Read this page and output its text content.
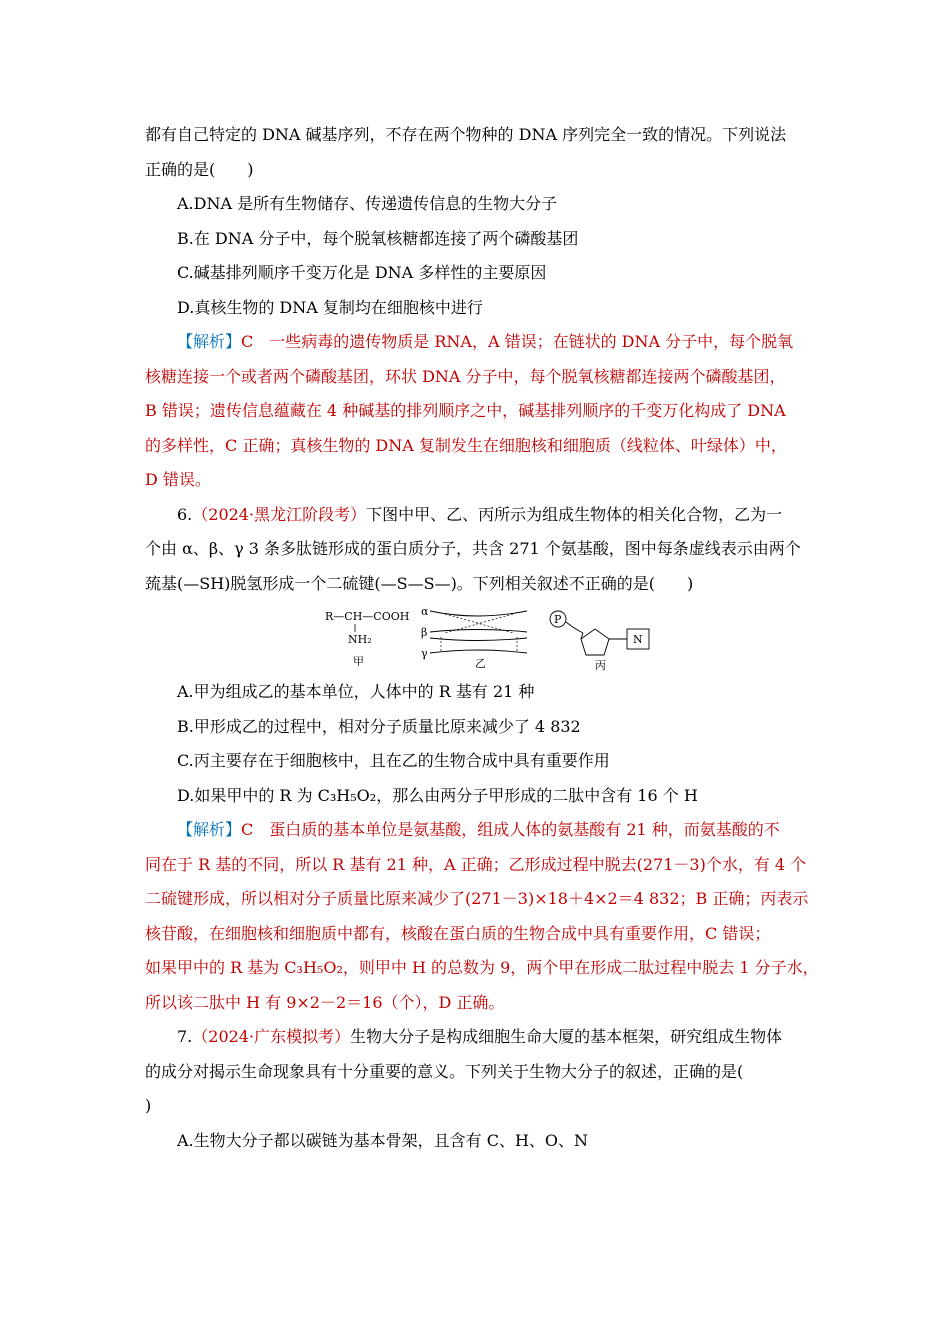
都有自己特定的 DNA 碱基序列，不存在两个物种的 DNA 序列完全一致的情况。下列说法
正确的是(　　)
A.DNA 是所有生物储存、传递遗传信息的生物大分子
B.在 DNA 分子中，每个脱氧核糖都连接了两个磷酸基团
C.碱基排列顺序千变万化是 DNA 多样性的主要原因
D.真核生物的 DNA 复制均在细胞核中进行
【解析】C　一些病毒的遗传物质是 RNA，A 错误；在链状的 DNA 分子中，每个脱氧
核糖连接一个或者两个磷酸基团，环状 DNA 分子中，每个脱氧核糖都连接两个磷酸基团，
B 错误；遗传信息蕴藏在 4 种碱基的排列顺序之中，碱基排列顺序的千变万化构成了 DNA
的多样性，C 正确；真核生物的 DNA 复制发生在细胞核和细胞质（线粒体、叶绿体）中，
D 错误。
6.（2024·黑龙江阶段考）下图中甲、乙、丙所示为组成生物体的相关化合物，乙为一
个由 α、β、γ 3 条多肽链形成的蛋白质分子，共含 271 个氨基酸，图中每条虚线表示由两个
巯基(—SH)脱氢形成一个二硫键(—S—S—)。下列相关叙述不正确的是(　　)
R—CH—COOH
NH₂
甲
α
β
γ
乙
P
N
丙
A.甲为组成乙的基本单位，人体中的 R 基有 21 种
B.甲形成乙的过程中，相对分子质量比原来减少了 4 832
C.丙主要存在于细胞核中，且在乙的生物合成中具有重要作用
D.如果甲中的 R 为 C₃H₅O₂，那么由两分子甲形成的二肽中含有 16 个 H
【解析】C　蛋白质的基本单位是氨基酸，组成人体的氨基酸有 21 种，而氨基酸的不
同在于 R 基的不同，所以 R 基有 21 种，A 正确；乙形成过程中脱去(271－3)个水，有 4 个
二硫键形成，所以相对分子质量比原来减少了(271－3)×18＋4×2＝4 832；B 正确；丙表示
核苷酸，在细胞核和细胞质中都有，核酸在蛋白质的生物合成中具有重要作用，C 错误；
如果甲中的 R 基为 C₃H₅O₂，则甲中 H 的总数为 9，两个甲在形成二肽过程中脱去 1 分子水，
所以该二肽中 H 有 9×2－2＝16（个），D 正确。
7.（2024·广东模拟考）生物大分子是构成细胞生命大厦的基本框架，研究组成生物体
的成分对揭示生命现象具有十分重要的意义。下列关于生物大分子的叙述，正确的是(
)
A.生物大分子都以碳链为基本骨架，且含有 C、H、O、N
